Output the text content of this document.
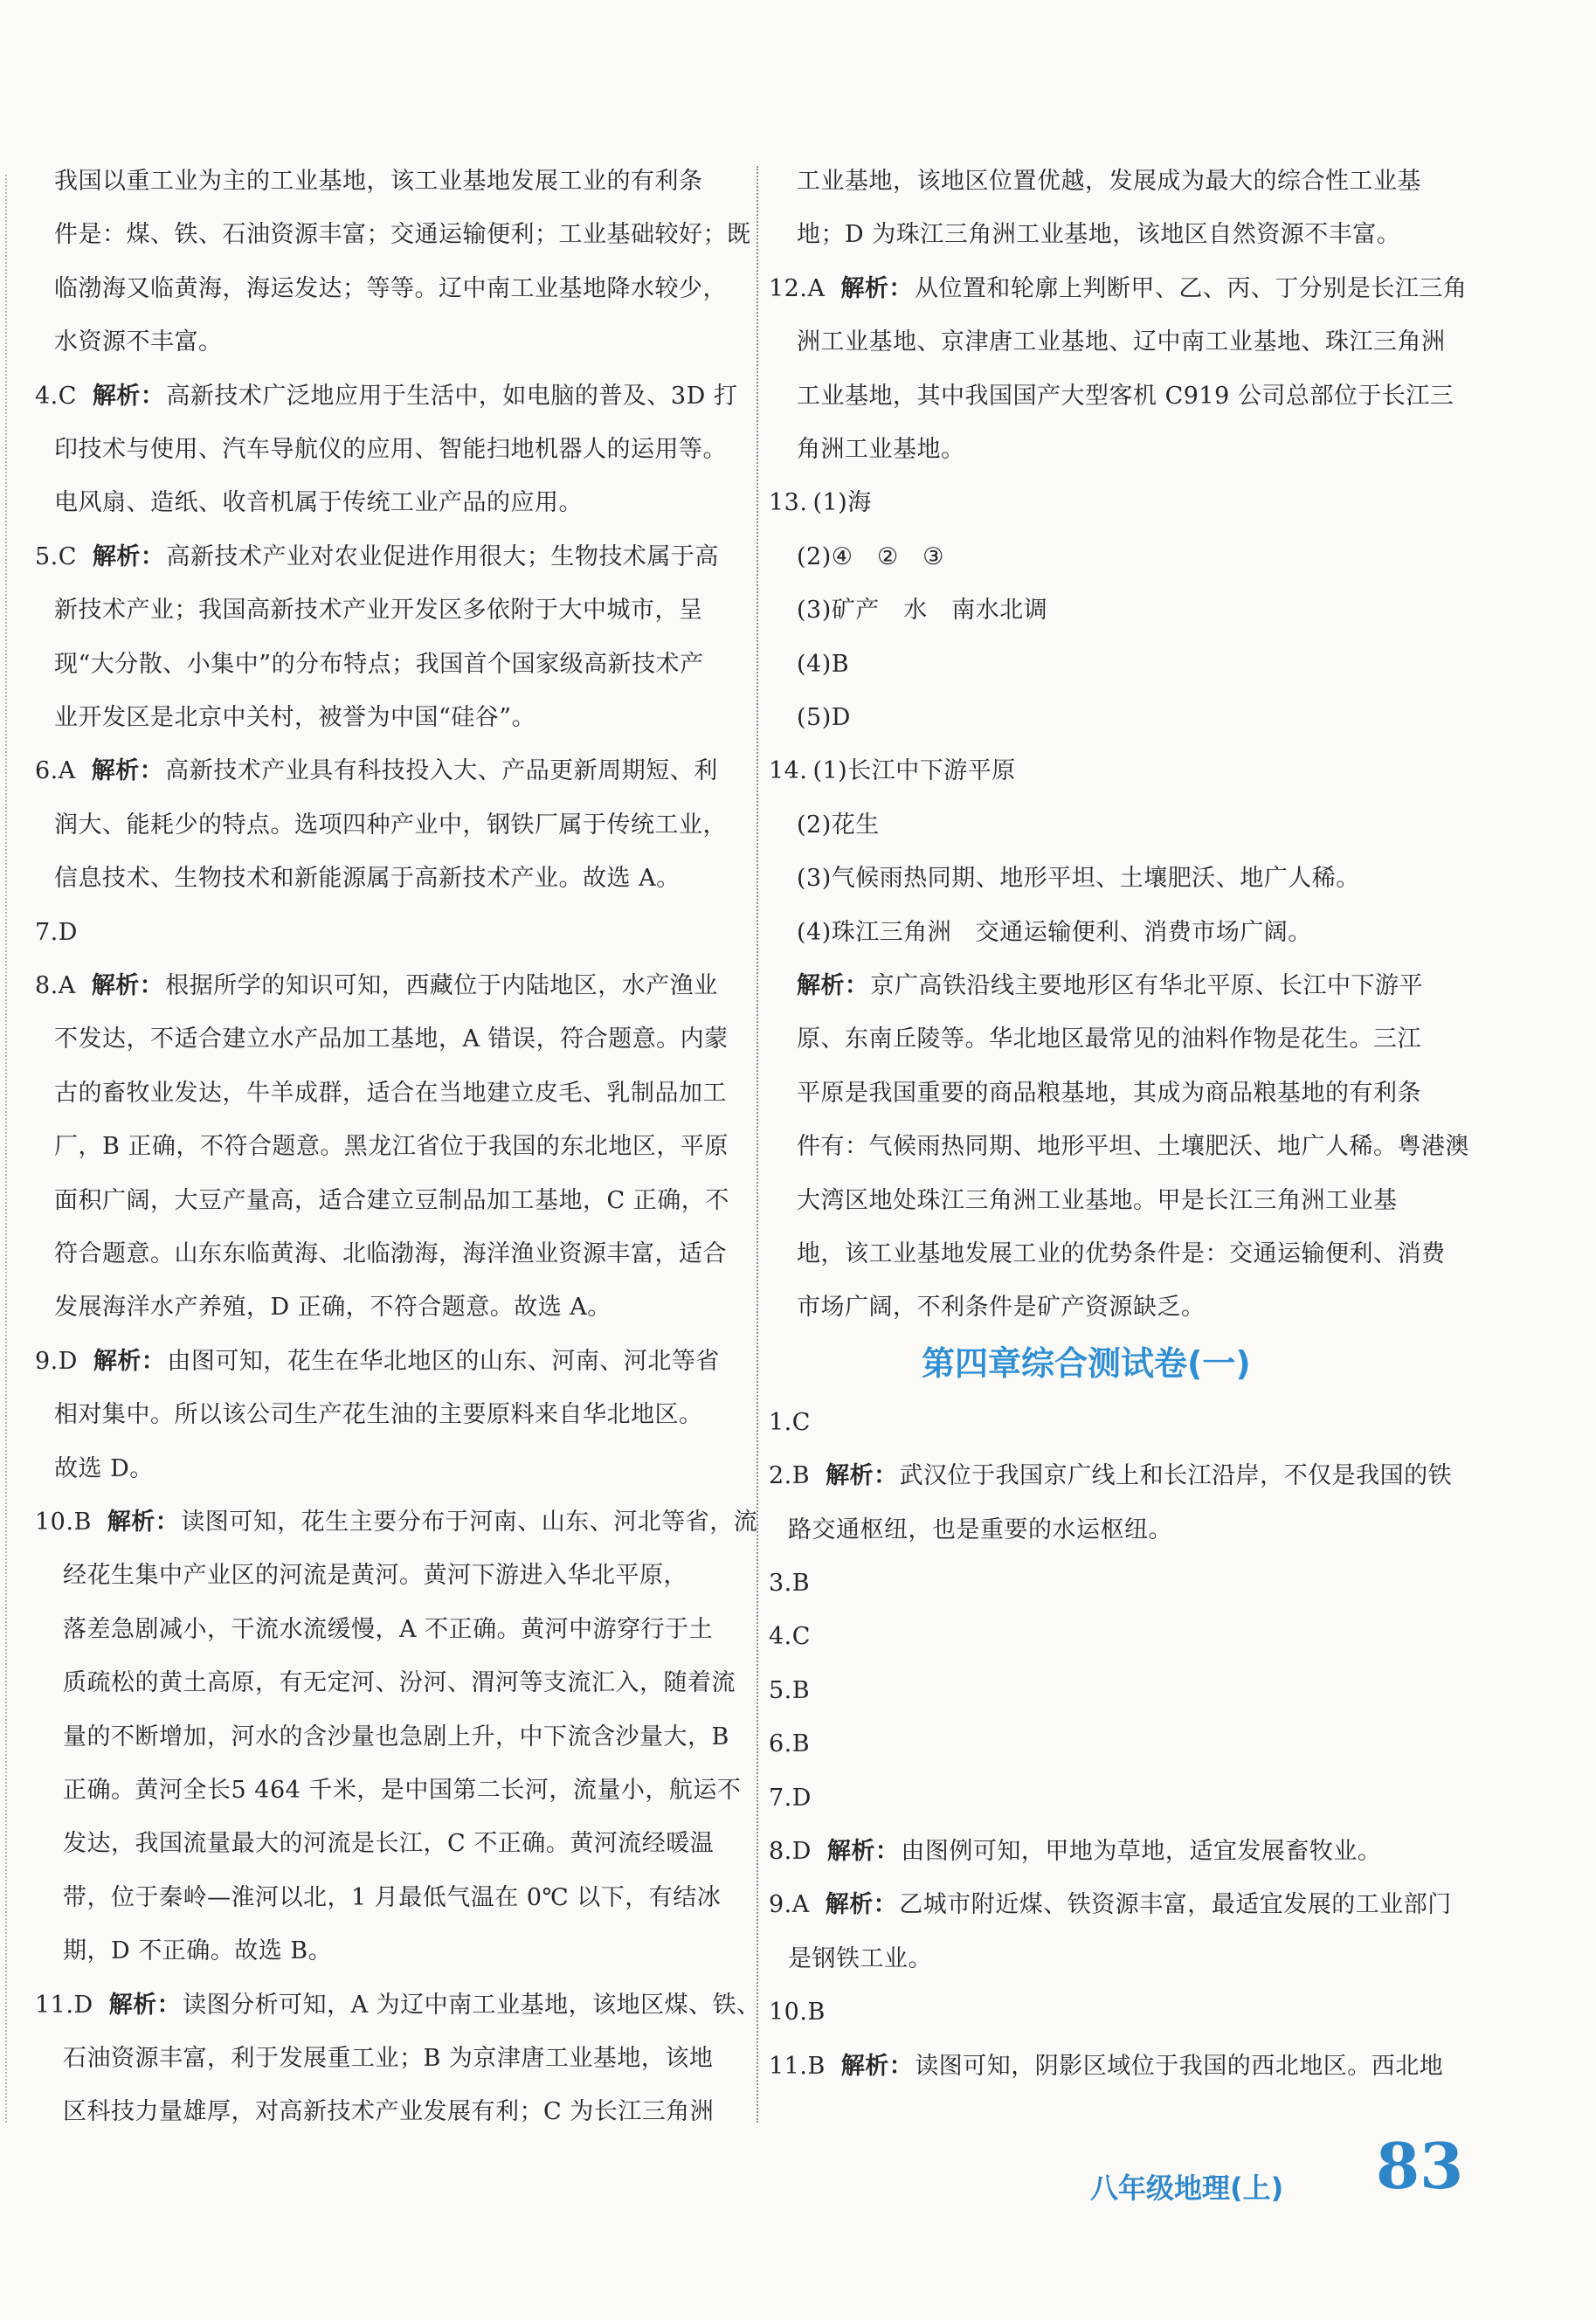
我国以重工业为主的工业基地，该工业基地发展工业的有利条
件是：煤、铁、石油资源丰富；交通运输便利；工业基础较好；既
临渤海又临黄海，海运发达；等等。辽中南工业基地降水较少，
水资源不丰富。
4.C 解析：高新技术广泛地应用于生活中，如电脑的普及、3D 打
印技术与使用、汽车导航仪的应用、智能扫地机器人的运用等。
电风扇、造纸、收音机属于传统工业产品的应用。
5.C 解析：高新技术产业对农业促进作用很大；生物技术属于高
新技术产业；我国高新技术产业开发区多依附于大中城市，呈
现“大分散、小集中”的分布特点；我国首个国家级高新技术产
业开发区是北京中关村，被誉为中国“硅谷”。
6.A 解析：高新技术产业具有科技投入大、产品更新周期短、利
润大、能耗少的特点。选项四种产业中，钢铁厂属于传统工业，
信息技术、生物技术和新能源属于高新技术产业。故选 A。
7.D
8.A 解析：根据所学的知识可知，西藏位于内陆地区，水产渔业
不发达，不适合建立水产品加工基地，A 错误，符合题意。内蒙
古的畜牧业发达，牛羊成群，适合在当地建立皮毛、乳制品加工
厂，B 正确，不符合题意。黑龙江省位于我国的东北地区，平原
面积广阔，大豆产量高，适合建立豆制品加工基地，C 正确，不
符合题意。山东东临黄海、北临渤海，海洋渔业资源丰富，适合
发展海洋水产养殖，D 正确，不符合题意。故选 A。
9.D 解析：由图可知，花生在华北地区的山东、河南、河北等省
相对集中。所以该公司生产花生油的主要原料来自华北地区。
故选 D。
10.B 解析：读图可知，花生主要分布于河南、山东、河北等省，流
经花生集中产业区的河流是黄河。黄河下游进入华北平原，
落差急剧减小，干流水流缓慢，A 不正确。黄河中游穿行于土
质疏松的黄土高原，有无定河、汾河、渭河等支流汇入，随着流
量的不断增加，河水的含沙量也急剧上升，中下流含沙量大，B
正确。黄河全长5 464 千米，是中国第二长河，流量小，航运不
发达，我国流量最大的河流是长江，C 不正确。黄河流经暖温
带，位于秦岭—淮河以北，1 月最低气温在 0℃ 以下，有结冰
期，D 不正确。故选 B。
11.D 解析：读图分析可知，A 为辽中南工业基地，该地区煤、铁、
石油资源丰富，利于发展重工业；B 为京津唐工业基地，该地
区科技力量雄厚，对高新技术产业发展有利；C 为长江三角洲
工业基地，该地区位置优越，发展成为最大的综合性工业基
地；D 为珠江三角洲工业基地，该地区自然资源不丰富。
12.A 解析：从位置和轮廓上判断甲、乙、丙、丁分别是长江三角
洲工业基地、京津唐工业基地、辽中南工业基地、珠江三角洲
工业基地，其中我国国产大型客机 C919 公司总部位于长江三
角洲工业基地。
13. (1)海
(2)④　②　③
(3)矿产　水　南水北调
(4)B
(5)D
14. (1)长江中下游平原
(2)花生
(3)气候雨热同期、地形平坦、土壤肥沃、地广人稀。
(4)珠江三角洲　交通运输便利、消费市场广阔。
解析：京广高铁沿线主要地形区有华北平原、长江中下游平
原、东南丘陵等。华北地区最常见的油料作物是花生。三江
平原是我国重要的商品粮基地，其成为商品粮基地的有利条
件有：气候雨热同期、地形平坦、土壤肥沃、地广人稀。粤港澳
大湾区地处珠江三角洲工业基地。甲是长江三角洲工业基
地，该工业基地发展工业的优势条件是：交通运输便利、消费
市场广阔，不利条件是矿产资源缺乏。
第四章综合测试卷(一)
1.C
2.B 解析：武汉位于我国京广线上和长江沿岸，不仅是我国的铁
路交通枢纽，也是重要的水运枢纽。
3.B
4.C
5.B
6.B
7.D
8.D 解析：由图例可知，甲地为草地，适宜发展畜牧业。
9.A 解析：乙城市附近煤、铁资源丰富，最适宜发展的工业部门
是钢铁工业。
10.B
11.B 解析：读图可知，阴影区域位于我国的西北地区。西北地
八年级地理(上) 83
